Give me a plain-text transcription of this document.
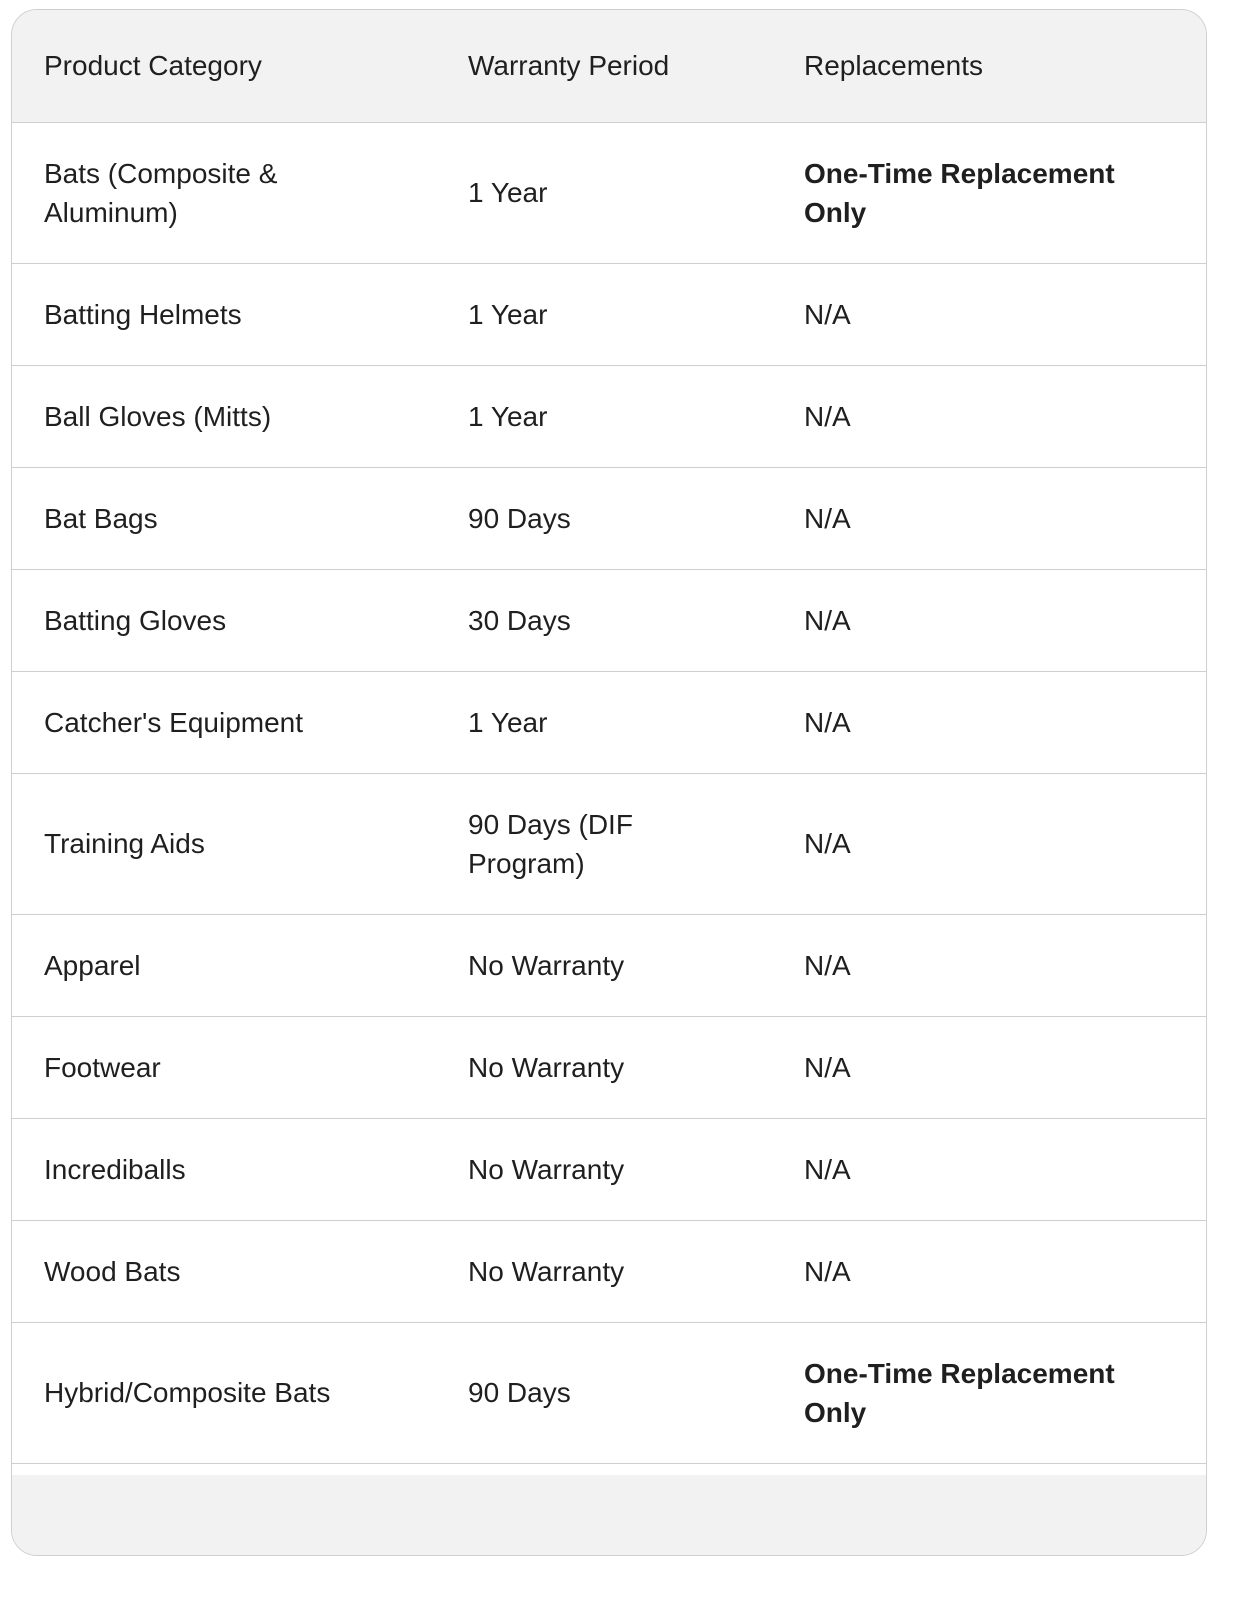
Product Category	Warranty Period	Replacements
Bats (Composite & Aluminum)	1 Year	One-Time Replacement Only
Batting Helmets	1 Year	N/A
Ball Gloves (Mitts)	1 Year	N/A
Bat Bags	90 Days	N/A
Batting Gloves	30 Days	N/A
Catcher's Equipment	1 Year	N/A
Training Aids	90 Days (DIF Program)	N/A
Apparel	No Warranty	N/A
Footwear	No Warranty	N/A
Incrediballs	No Warranty	N/A
Wood Bats	No Warranty	N/A
Hybrid/Composite Bats	90 Days	One-Time Replacement Only
